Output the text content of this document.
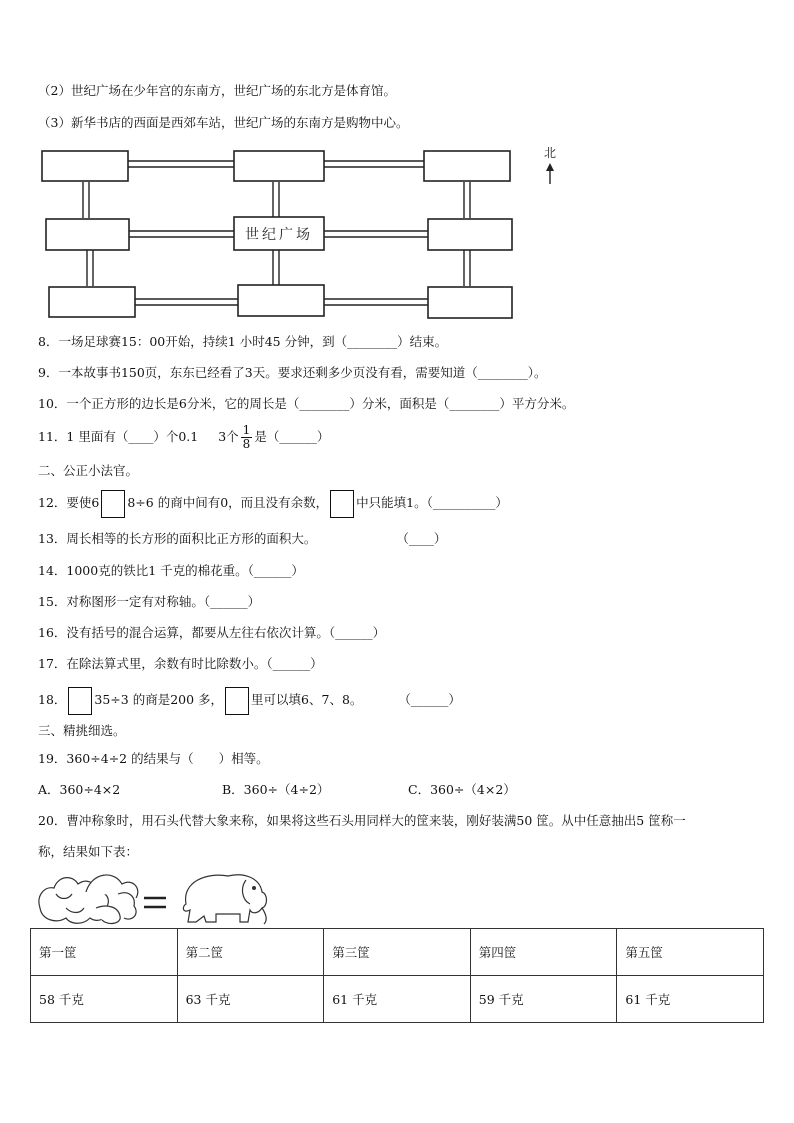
（2）世纪广场在少年宫的东南方，世纪广场的东北方是体育馆。
（3）新华书店的西面是西郊车站，世纪广场的东南方是购物中心。
世纪广场
北
8．一场足球赛15：00开始，持续1 小时45 分钟，到（________）结束。
9．一本故事书150页，东东已经看了3天。要求还剩多少页没有看，需要知道（________）。
10．一个正方形的边长是6分米，它的周长是（________）分米，面积是（________）平方分米。
11．1 里面有（____）个0.1 3个 $\frac{1}{8}$ 是（______）
二、公正小法官。
12．要使6 8÷6 的商中间有0，而且没有余数， 中只能填1。（__________）
13．周长相等的长方形的面积比正方形的面积大。	（____）
14．1000克的铁比1 千克的棉花重。（______）
15．对称图形一定有对称轴。（______）
16．没有括号的混合运算，都要从左往右依次计算。（______）
17．在除法算式里，余数有时比除数小。（______）
18． 35÷3 的商是200 多， 里可以填6、7、8。	（______）
三、精挑细选。
19．360÷4÷2 的结果与（　　）相等。
A．360÷4×2	B．360÷（4÷2）	C．360÷（4×2）
20．曹冲称象时，用石头代替大象来称，如果将这些石头用同样大的筐来装，刚好装满50 筐。从中任意抽出5 筐称一
称，结果如下表：
第一筐	第二筐	第三筐	第四筐	第五筐
58 千克	63 千克	61 千克	59 千克	61 千克
